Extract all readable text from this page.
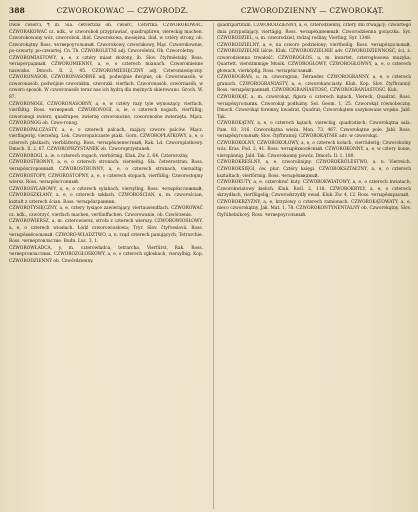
388	CZWOROKOWAC — CZWORODZ.	CZWORODZIENNY — CZWOROKĄT.

Dwie ćwierci, ¶ ib. Sla. četvertina ob. ćwierć, Četvrtka. CZWOROKOWAC, CZWORAKOWAĆ cz. ndk., w czworobok przyprawiać, quadrupliren, viereckig machen. Czworokowany wóz, czworobok, ibid. Czworokowa, mosiężna, ibid. w cztéry strony, ob. Czworokątny. Ross. четвероугольный. Czworokowy, czworakowy, Mąc. Czworokownie, po-czwarty, po-czwartej. Cn. Th. CZWOROLETNI adj. Czworoletni, Ob. Czworoletny.

CZWOROMIASTOWY, a, e, z cztéry miast złożony, ib. Slov. čtyřměstský. Ross. четыреградный. CZWOROMIENNY, a, e, o czterech mianach. Czworomienne nazwisko. Dmoch. Il. 2, 45. CZWOROMIESIĘCZNY adj. Czteromiesięczny. CZWORONASOB, CZWORONASOBNE adj. podwójnie dwójnie, ob. Czworonasób; w czworonasób, podwójnie czworakim, czworaki. vierfach. Czworonasób, czwórnasób, w czworo sposób. W czworonasób teraz nas ich hydrą dla mężnych skierowano. Groch. W. 87.

CZWORONOGI, CZWORONASOBNY, a, e, w cztéry razy tyle wynoszący, vierfach, vierfältig. Ross. четверной. CZWORONOGI, a, ie, o czterech nogach, vierfüßig; czworonogi zwierz, quadrupes; zwierzę czworonożne, czworonożne zwierzęta. Mącz. CZWORONOG ob. Czwo-ronog.

CZWOROPALCZASTY, a, e, o czterech palcach, mający czworo palców. Mącz. vierfingerig, vierzehig. Lek. Czworopalczaste ptaki. Gorn. CZWOROPŁATKOWY, a, e, o czterech płatkach; vierblätterig. Ross. четырёхлепестный, Rak. Ld. Czworoplatkowy. Dmoch. Il. 2, 67. CZWOROPRZYSTANEK ob. Czworoprzystanek.

CZWOROROGI, a, ie, o czterech rogach, vierhörnig. Kluk. Zw. 2, 64. Czterorożny.

CZWOROSTRONNY, a, e, o czterech stronach; vierseitig. Sla. četverostran. Ross. четырёхсторонный. CZWOROSTRUNNY, a, e, o czterech strunach, viersaitig; CZWOROSTOPY, CZWOROSTOPNY, a, e, o czterech stopach, vierfüßig; Czworostopny wiersz. Ross. четырёхстопный.

CZWOROSYLABOWY, a, e, o czterech sylabach, viersylbig. Ross. четырёхсложный. CZWOROSZKŁANY, a, e, o czterech szkłach. CZWOROŚCIAN, u, m. czworościan, kształt z czterech ścian. Ross. четырёхгранник.

CZWOROTYSIĘCZNY, a, e, cztery tysiące zawierający, viertausendfach. CZWOROWAĆ cz. ndk., czwórzyć, vierfach machen, verfünffachen. Czworowanie, ob. Czwórzenie.

CZWOROWIERSZ, a, m. czterowiersz, strofa z czterech wierszy. CZWOROWIOSŁOWY, a, e, o czterech wiosłach. Łódź czworowiosłowa; Tryr. Slov. čtyřveslová. Ross. четырёхвёсельный. CZWORO-WŁADZTWO, a, n. rząd czterech panujących, Tetrarchie. Ross. четвертовластие. Budn. Luc. 3, 1.

CZWOROWŁADCA, y, m. czterowładca, tetrarcha, Vierfürst, Rak. Ross. четвертовластник. CZWOROZGŁOSKOWY, a, e, o czterech zgłoskach, viersylbig. Kop. CZWORODZIENNY ob. Czwórdzienny.

quadripartitum. CZWORODZIENNY, a, e, czterodzienny, cztéry dni trwający; czwartego dnia przypadający, viertägig. Ross. четырёхдневный. Czworodzienna gorączka. Syr. CZWORODZIEL, u, m. czworodziel, rodzaj rośliny, Vierling, Syr. 1348.

CZWORODZIELNY, a, e, na czworo podzielony; viertheilig. Ross. четырёхдольный. CZWORODZIELNE liście. Kluk. CZWORODZIELNIE adv. CZWORODZIENNOŚĆ, ści, ż. czworodzienna trwałość. CZWOROGŁOS, u, m. kwartet, czterogłosowa muzyka; Quartett, vierstimmige Musik. CZWOROGŁOWY, CZWOROGŁOWNY, a, e, o czterech głowach, vierköpfig. Ross. четырёхглавый.

CZWOROGRAN, u, m. czworogran, Tetraeder. CZWOROGRANNY, a, e, o czterech granach. CZWOROGRANIASTY, a, e, czworokanciasty. Kluk. Kop. Slov. čtyřhranný. Ross. четырёхгранный. CZWOROGRANIASTOSĆ, CZWOROGRANIASTOSC. Kuh.

CZWOROKĄT, a, m. czworokąt, figura o czterech kątach, Viereck, Quadrat. Ross. четырёхугольник. Czworokąt podłużny. Sol. Geom. 1, 25. Czworokąt równoboczny. Dmoch. Czworokąt foremny, kwadrat, Quadrat; Czworokątem uszykowane wojsko. Jabł. Tak.

CZWOROKĄTNY, a, e, o czterech kątach, viereckig, quadratisch; Czworokątna sala. Pam. 83, 316. Czworokątna wieża. Mon. 73, 467. Czworokątne pole. Jabł. Ross. четырёхугольный; Slov. čtyřhranný. CZWOROKĄTNIE adv. w czworokąt.

CZWOROKOLNY, CZWOROKOŁOWY, a, e, o czterech kołach, vierräderig; Czworokolny wóz. Kras. Pod. 2, 41. Ross. четырёхколёсный. CZWOROKONNY, a, e, w cztery konie, vierspännig. Jabł. Tak. Czworokonny powóz. Dmoch. Il. 1, 180.

CZWOROKREŚLNY, a, e, czworolinijny. CZWOROKRÓLESTWO, a, n. Vierreich. CZWOROKSIĘGI, ów, plur. Cztéry księgi. CZWOROKSZTAŁTNY, a, e, o czterech kształtach; vierförmig. Ross. четырёхвидный.

CZWOROKUTY, a, e, czterokroć kuty. CZWOROKWIATOWY, a, e, o czterech kwiatach; Czworokwiatowy kielich. Kluk. Rośl. 2, 118. CZWOROKRYŁY, a, e, o czterech skrzydłach, vierflügelig; Czworoskrzydły owad. Kluk. Zw. 4, 12. Ross. четырёхкрылый.

CZWOROKRZYŻNY, a, e, krzyżowy o czterech ramionach. CZWOROKĄTOWATY, a, e, nieco czworokątny, Jak. Mat. 1, 78. CZWOROKONTYNENTALNY ob. Czworokątny. Slov. čtyřúhelníkový. Ross. четвероугольный.
